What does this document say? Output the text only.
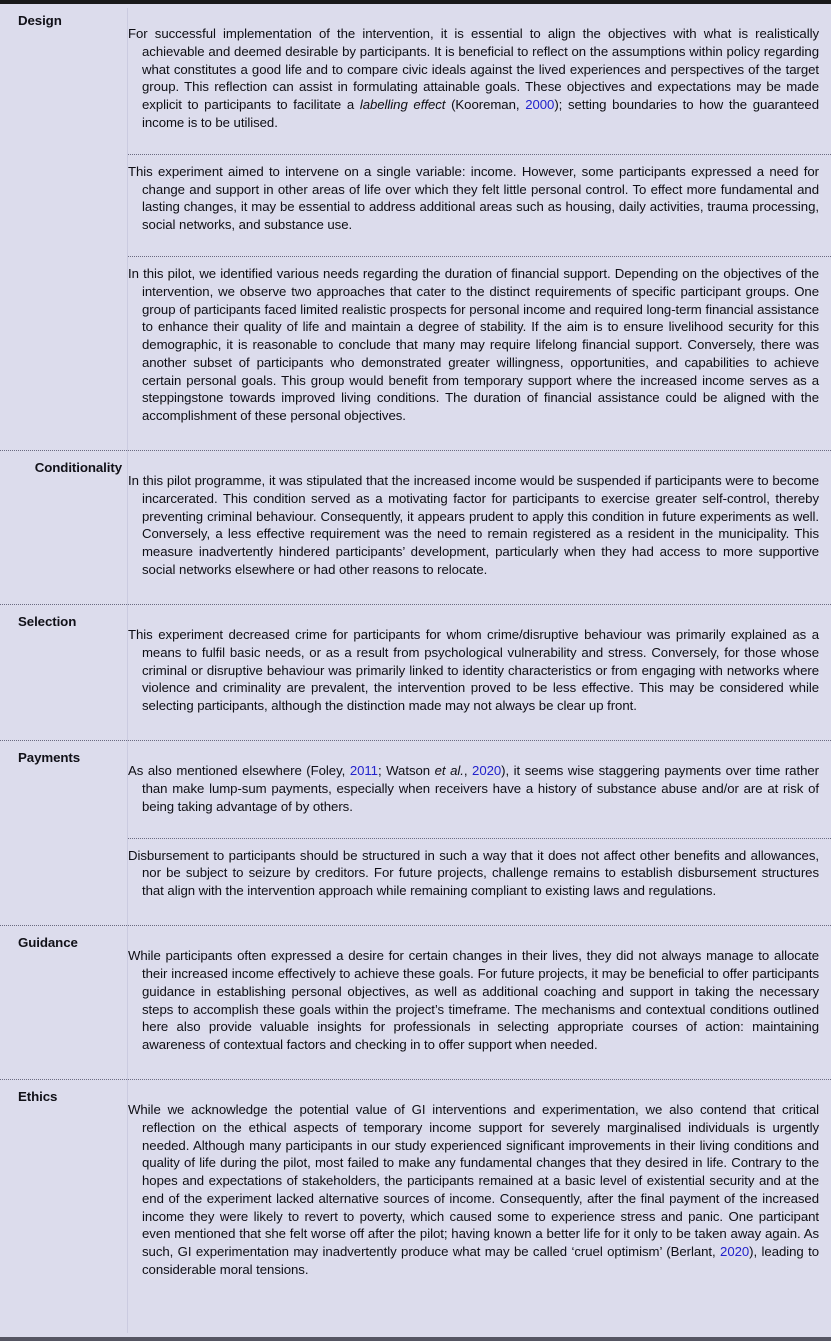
Design

For successful implementation of the intervention, it is essential to align the objectives with what is realistically achievable and deemed desirable by participants. It is beneficial to reflect on the assumptions within policy regarding what constitutes a good life and to compare civic ideals against the lived experiences and perspectives of the target group. This reflection can assist in formulating attainable goals. These objectives and expectations may be made explicit to participants to facilitate a labelling effect (Kooreman, 2000); setting boundaries to how the guaranteed income is to be utilised.

This experiment aimed to intervene on a single variable: income. However, some participants expressed a need for change and support in other areas of life over which they felt little personal control. To effect more fundamental and lasting changes, it may be essential to address additional areas such as housing, daily activities, trauma processing, social networks, and substance use.

In this pilot, we identified various needs regarding the duration of financial support. Depending on the objectives of the intervention, we observe two approaches that cater to the distinct requirements of specific participant groups. One group of participants faced limited realistic prospects for personal income and required long-term financial assistance to enhance their quality of life and maintain a degree of stability. If the aim is to ensure livelihood security for this demographic, it is reasonable to conclude that many may require lifelong financial support. Conversely, there was another subset of participants who demonstrated greater willingness, opportunities, and capabilities to achieve certain personal goals. This group would benefit from temporary support where the increased income serves as a steppingstone towards improved living conditions. The duration of financial assistance could be aligned with the accomplishment of these personal objectives.

Conditionality

In this pilot programme, it was stipulated that the increased income would be suspended if participants were to become incarcerated. This condition served as a motivating factor for participants to exercise greater self-control, thereby preventing criminal behaviour. Consequently, it appears prudent to apply this condition in future experiments as well. Conversely, a less effective requirement was the need to remain registered as a resident in the municipality. This measure inadvertently hindered participants’ development, particularly when they had access to more supportive social networks elsewhere or had other reasons to relocate.

Selection

This experiment decreased crime for participants for whom crime/disruptive behaviour was primarily explained as a means to fulfil basic needs, or as a result from psychological vulnerability and stress. Conversely, for those whose criminal or disruptive behaviour was primarily linked to identity characteristics or from engaging with networks where violence and criminality are prevalent, the intervention proved to be less effective. This may be considered while selecting participants, although the distinction made may not always be clear up front.

Payments

As also mentioned elsewhere (Foley, 2011; Watson et al., 2020), it seems wise staggering payments over time rather than make lump-sum payments, especially when receivers have a history of substance abuse and/or are at risk of being taking advantage of by others.

Disbursement to participants should be structured in such a way that it does not affect other benefits and allowances, nor be subject to seizure by creditors. For future projects, challenge remains to establish disbursement structures that align with the intervention approach while remaining compliant to existing laws and regulations.

Guidance

While participants often expressed a desire for certain changes in their lives, they did not always manage to allocate their increased income effectively to achieve these goals. For future projects, it may be beneficial to offer participants guidance in establishing personal objectives, as well as additional coaching and support in taking the necessary steps to accomplish these goals within the project’s timeframe. The mechanisms and contextual conditions outlined here also provide valuable insights for professionals in selecting appropriate courses of action: maintaining awareness of contextual factors and checking in to offer support when needed.

Ethics

While we acknowledge the potential value of GI interventions and experimentation, we also contend that critical reflection on the ethical aspects of temporary income support for severely marginalised individuals is urgently needed. Although many participants in our study experienced significant improvements in their living conditions and quality of life during the pilot, most failed to make any fundamental changes that they desired in life. Contrary to the hopes and expectations of stakeholders, the participants remained at a basic level of existential security and at the end of the experiment lacked alternative sources of income. Consequently, after the final payment of the increased income they were likely to revert to poverty, which caused some to experience stress and panic. One participant even mentioned that she felt worse off after the pilot; having known a better life for it only to be taken away again. As such, GI experimentation may inadvertently produce what may be called ‘cruel optimism’ (Berlant, 2020), leading to considerable moral tensions.
